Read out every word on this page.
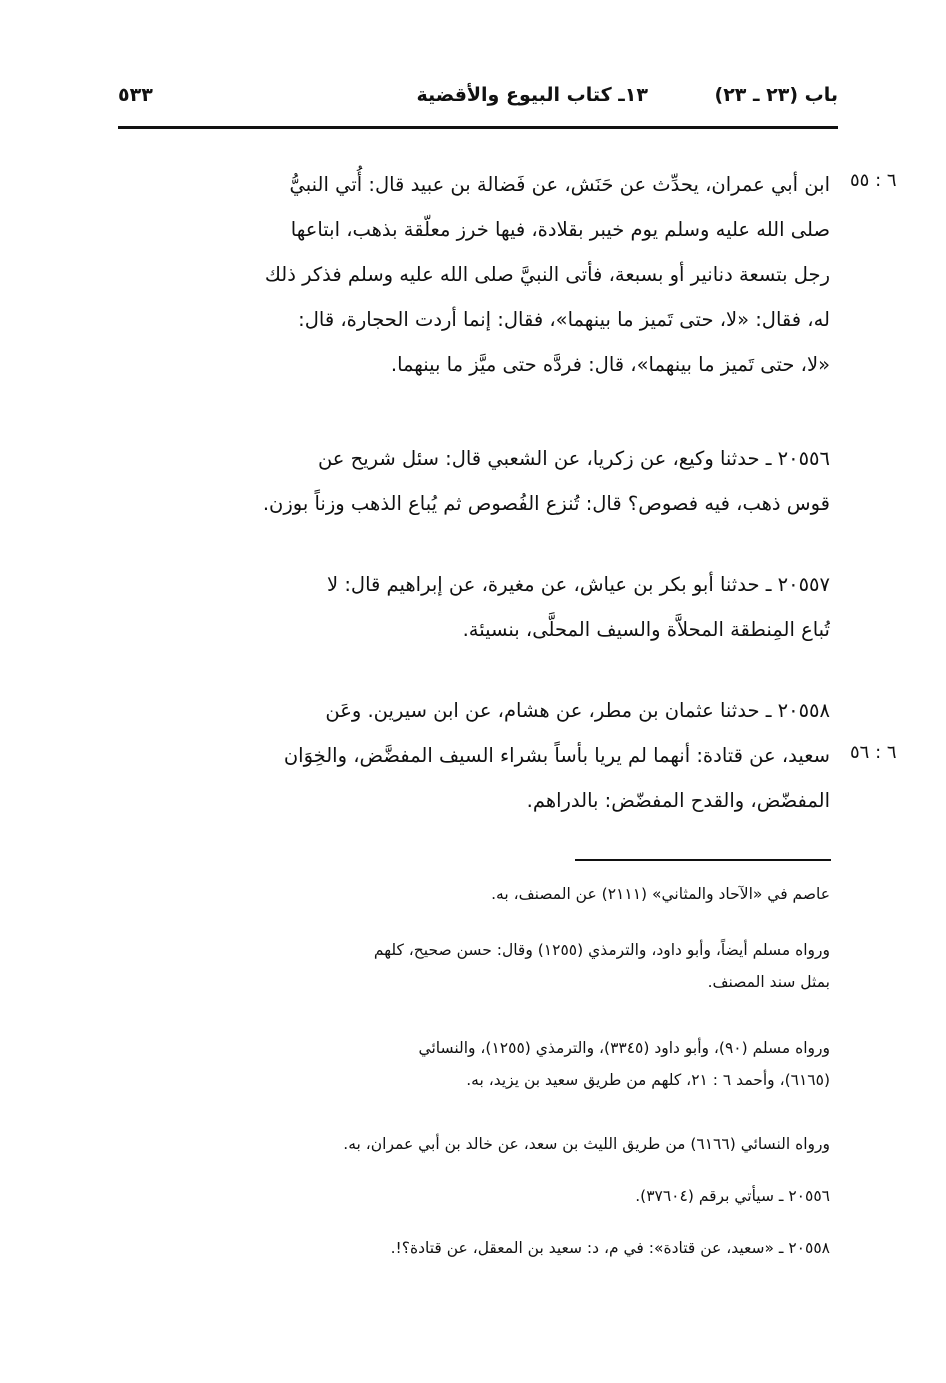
باب (٢٣ ـ ٢٣)
١٣ـ كتاب البيوع والأقضية
٥٣٣
٦ : ٥٥
٦ : ٥٦
ابن أبي عمران، يحدِّث عن حَنَش، عن فَضالة بن عبيد قال: أُتي النبيُّ
صلى الله عليه وسلم يوم خيبر بقلادة، فيها خرز معلّقة بذهب، ابتاعها
رجل بتسعة دنانير أو بسبعة، فأتى النبيَّ صلى الله عليه وسلم فذكر ذلك
له، فقال: «لا، حتى تَميز ما بينهما»، فقال: إنما أردت الحجارة، قال:
«لا، حتى تَميز ما بينهما»، قال: فردَّه حتى ميَّز ما بينهما.
٢٠٥٥٦ ـ حدثنا وكيع، عن زكريا، عن الشعبي قال: سئل شريح عن
قوس ذهب، فيه فصوص؟ قال: تُنزع الفُصوص ثم يُباع الذهب وزناً بوزن.
٢٠٥٥٧ ـ حدثنا أبو بكر بن عياش، عن مغيرة، عن إبراهيم قال: لا
تُباع المِنطقة المحلاَّة والسيف المحلَّى، بنسيئة.
٢٠٥٥٨ ـ حدثنا عثمان بن مطر، عن هشام، عن ابن سيرين. وعَن
سعيد، عن قتادة: أنهما لم يريا بأساً بشراء السيف المفضَّض، والخِوَان
المفضّض، والقدح المفضّض: بالدراهم.
عاصم في «الآحاد والمثاني» (٢١١١) عن المصنف، به.
ورواه مسلم أيضاً، وأبو داود، والترمذي (١٢٥٥) وقال: حسن صحيح، كلهم
بمثل سند المصنف.
ورواه مسلم (٩٠)، وأبو داود (٣٣٤٥)، والترمذي (١٢٥٥)، والنسائي
(٦١٦٥)، وأحمد ٦ : ٢١، كلهم من طريق سعيد بن يزيد، به.
ورواه النسائي (٦١٦٦) من طريق الليث بن سعد، عن خالد بن أبي عمران، به.
٢٠٥٥٦ ـ سيأتي برقم (٣٧٦٠٤).
٢٠٥٥٨ ـ «سعيد، عن قتادة»: في م، د: سعيد بن المعقل، عن قتادة؟!.
